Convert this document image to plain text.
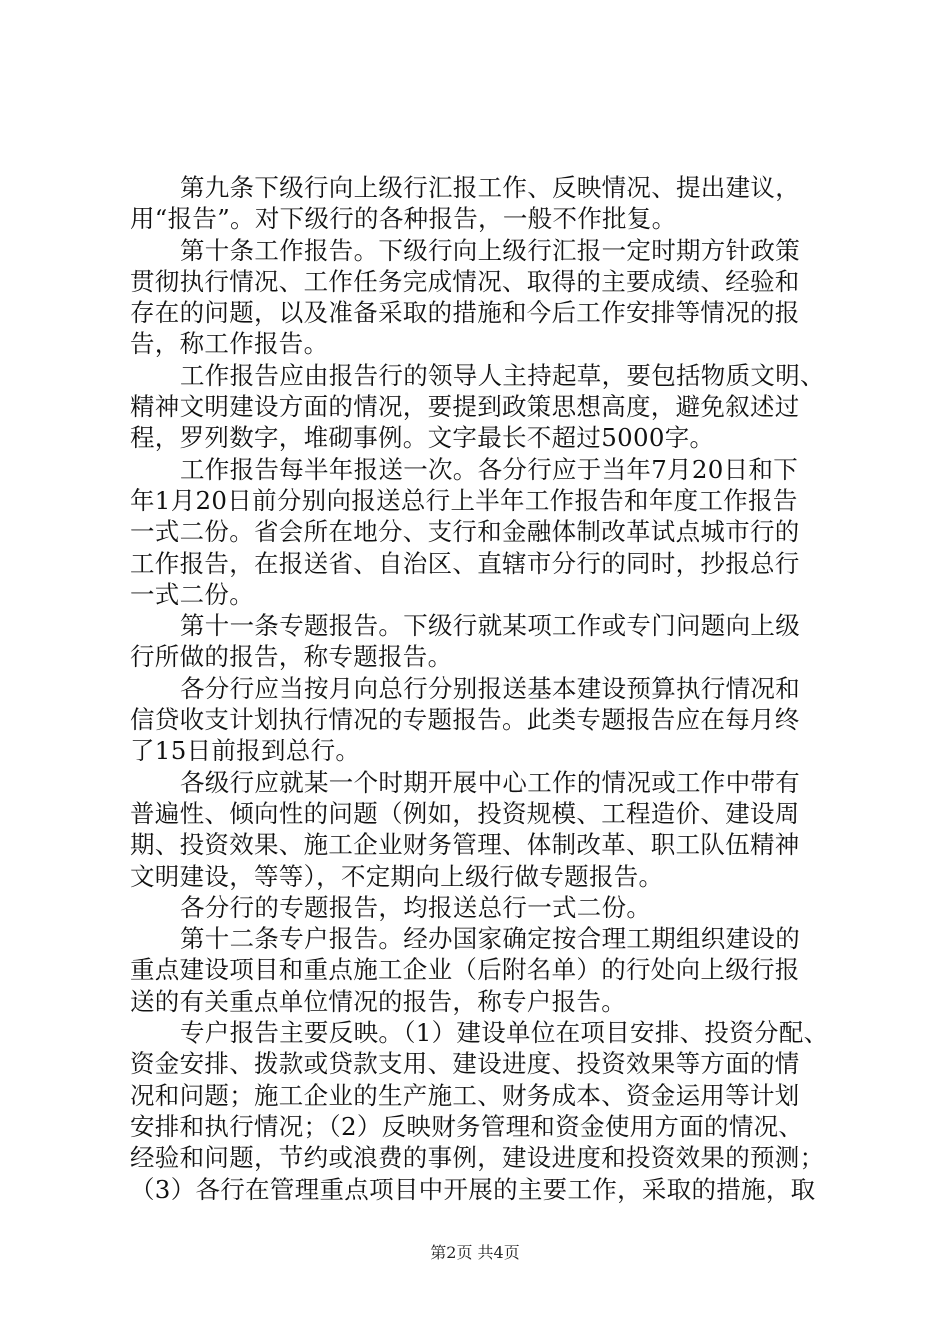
第九条下级行向上级行汇报工作、反映情况、提出建议，
用“报告”。对下级行的各种报告，一般不作批复。
第十条工作报告。下级行向上级行汇报一定时期方针政策
贯彻执行情况、工作任务完成情况、取得的主要成绩、经验和
存在的问题，以及准备采取的措施和今后工作安排等情况的报
告，称工作报告。
工作报告应由报告行的领导人主持起草，要包括物质文明、
精神文明建设方面的情况，要提到政策思想高度，避免叙述过
程，罗列数字，堆砌事例。文字最长不超过5000字。
工作报告每半年报送一次。各分行应于当年7月20日和下
年1月20日前分别向报送总行上半年工作报告和年度工作报告
一式二份。省会所在地分、支行和金融体制改革试点城市行的
工作报告，在报送省、自治区、直辖市分行的同时，抄报总行
一式二份。
第十一条专题报告。下级行就某项工作或专门问题向上级
行所做的报告，称专题报告。
各分行应当按月向总行分别报送基本建设预算执行情况和
信贷收支计划执行情况的专题报告。此类专题报告应在每月终
了15日前报到总行。
各级行应就某一个时期开展中心工作的情况或工作中带有
普遍性、倾向性的问题（例如，投资规模、工程造价、建设周
期、投资效果、施工企业财务管理、体制改革、职工队伍精神
文明建设，等等），不定期向上级行做专题报告。
各分行的专题报告，均报送总行一式二份。
第十二条专户报告。经办国家确定按合理工期组织建设的
重点建设项目和重点施工企业（后附名单）的行处向上级行报
送的有关重点单位情况的报告，称专户报告。
专户报告主要反映。（1）建设单位在项目安排、投资分配、
资金安排、拨款或贷款支用、建设进度、投资效果等方面的情
况和问题；施工企业的生产施工、财务成本、资金运用等计划
安排和执行情况；（2）反映财务管理和资金使用方面的情况、
经验和问题，节约或浪费的事例，建设进度和投资效果的预测；
（3）各行在管理重点项目中开展的主要工作，采取的措施，取
第2页 共4页
